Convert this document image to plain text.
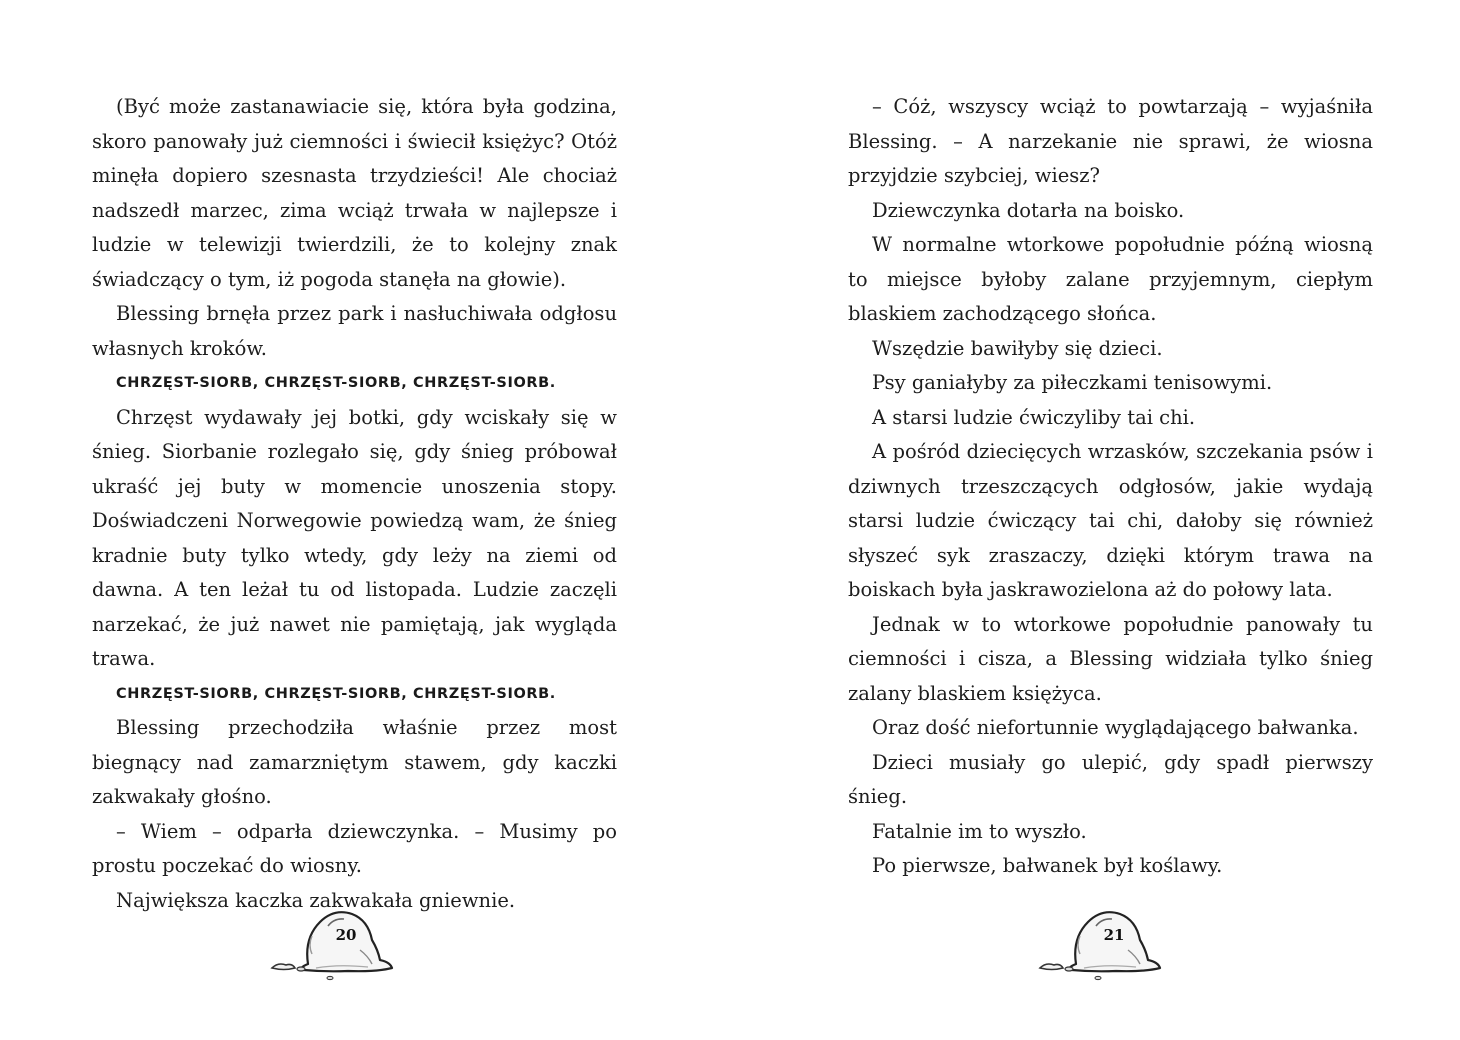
(Być może zastanawiacie się, która była godzina, skoro panowały już ciemności i świecił księżyc? Otóż minęła dopiero szesnasta trzydzieści! Ale chociaż nadszedł marzec, zima wciąż trwała w najlepsze i ludzie w telewizji twierdzili, że to kolejny znak świadczący o tym, iż pogoda stanęła na głowie).

Blessing brnęła przez park i nasłuchiwała odgłosu własnych kroków.

CHRZĘST-SIORB, CHRZĘST-SIORB, CHRZĘST-SIORB.

Chrzęst wydawały jej botki, gdy wciskały się w śnieg. Siorbanie rozlegało się, gdy śnieg próbował ukraść jej buty w momencie unoszenia stopy. Doświadczeni Norwegowie powiedzą wam, że śnieg kradnie buty tylko wtedy, gdy leży na ziemi od dawna. A ten leżał tu od listopada. Ludzie zaczęli narzekać, że już nawet nie pamiętają, jak wygląda trawa.

CHRZĘST-SIORB, CHRZĘST-SIORB, CHRZĘST-SIORB.

Blessing przechodziła właśnie przez most biegnący nad zamarzniętym stawem, gdy kaczki zakwakały głośno.

– Wiem – odparła dziewczynka. – Musimy po prostu poczekać do wiosny.

Największa kaczka zakwakała gniewnie.

– Cóż, wszyscy wciąż to powtarzają – wyjaśniła Blessing. – A narzekanie nie sprawi, że wiosna przyjdzie szybciej, wiesz?

Dziewczynka dotarła na boisko.

W normalne wtorkowe popołudnie późną wiosną to miejsce byłoby zalane przyjemnym, ciepłym blaskiem zachodzącego słońca.

Wszędzie bawiłyby się dzieci.

Psy ganiałyby za piłeczkami tenisowymi.

A starsi ludzie ćwiczyliby tai chi.

A pośród dziecięcych wrzasków, szczekania psów i dziwnych trzeszczących odgłosów, jakie wydają starsi ludzie ćwiczący tai chi, dałoby się również słyszeć syk zraszaczy, dzięki którym trawa na boiskach była jaskrawozielona aż do połowy lata.

Jednak w to wtorkowe popołudnie panowały tu ciemności i cisza, a Blessing widziała tylko śnieg zalany blaskiem księżyca.

Oraz dość niefortunnie wyglądającego bałwanka.

Dzieci musiały go ulepić, gdy spadł pierwszy śnieg.

Fatalnie im to wyszło.

Po pierwsze, bałwanek był koślawy.

20	21
